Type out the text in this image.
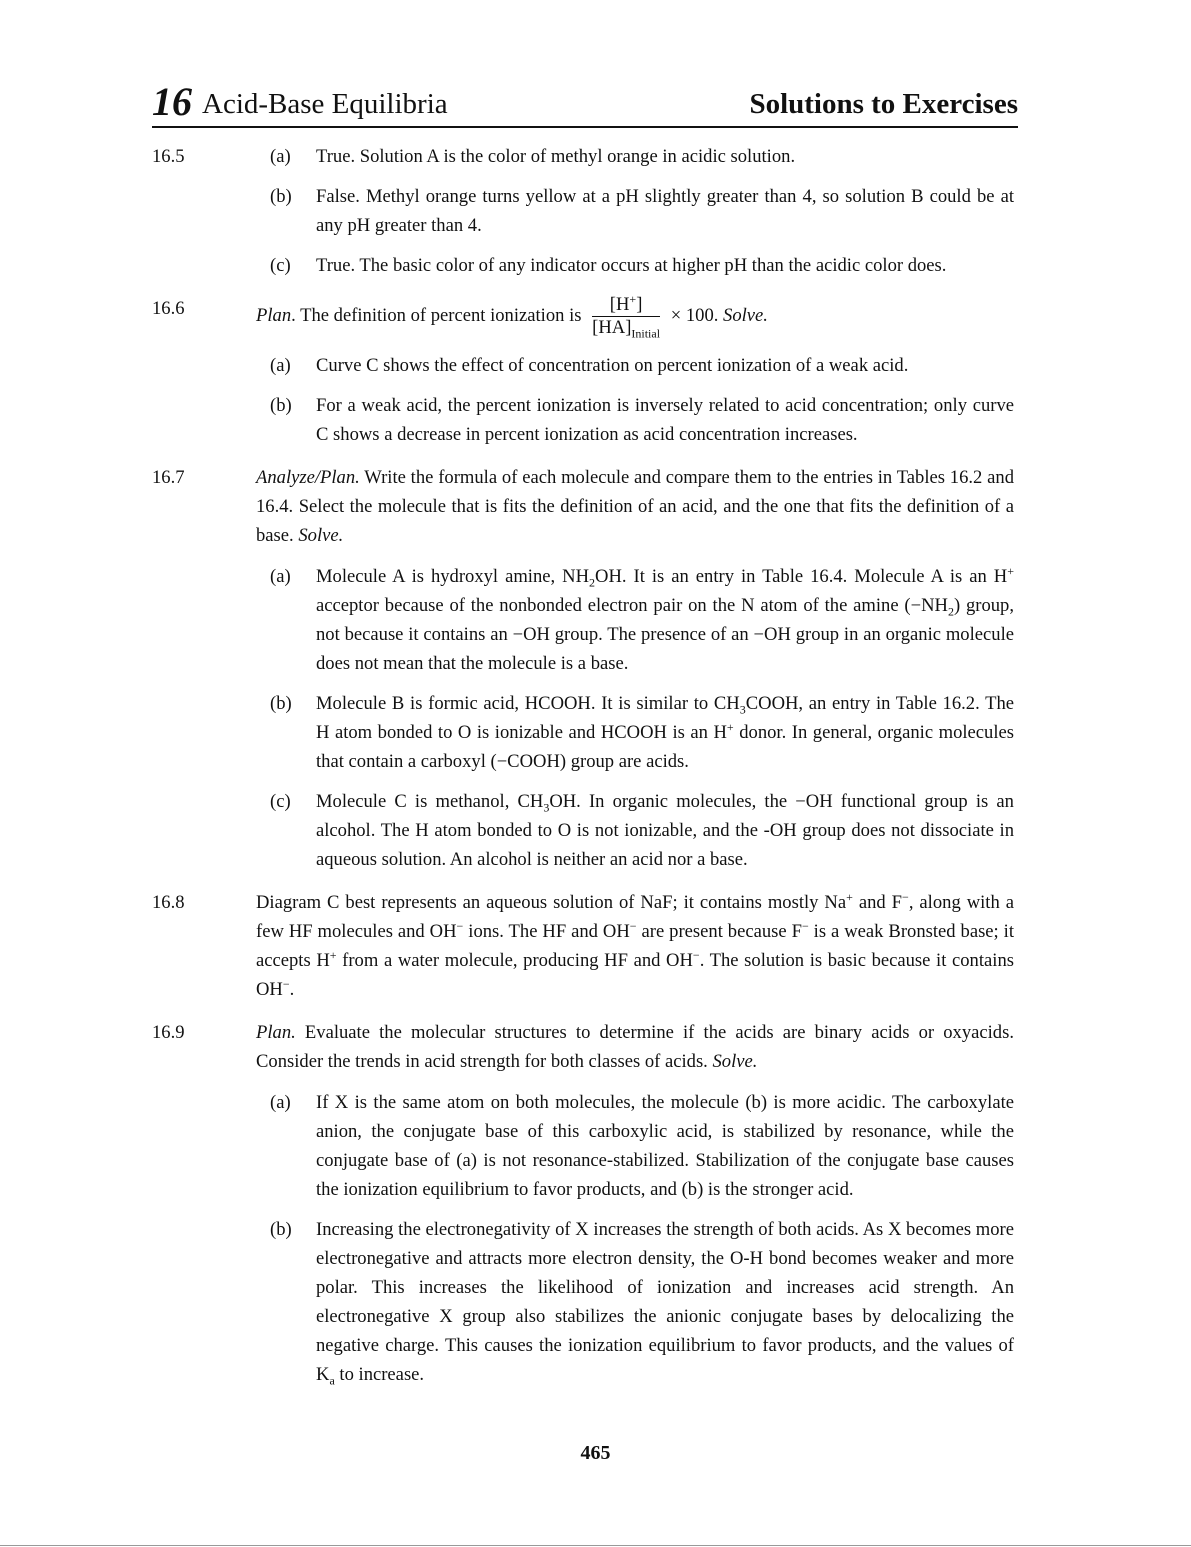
16 Acid-Base Equilibria	Solutions to Exercises
16.5	(a) True. Solution A is the color of methyl orange in acidic solution.
(b) False. Methyl orange turns yellow at a pH slightly greater than 4, so solution B could be at any pH greater than 4.
(c) True. The basic color of any indicator occurs at higher pH than the acidic color does.
16.6	Plan. The definition of percent ionization is $\frac{[H^+]}{[HA]_{Initial}} \times 100$. Solve.
(a) Curve C shows the effect of concentration on percent ionization of a weak acid.
(b) For a weak acid, the percent ionization is inversely related to acid concentration; only curve C shows a decrease in percent ionization as acid concentration increases.
16.7	Analyze/Plan. Write the formula of each molecule and compare them to the entries in Tables 16.2 and 16.4. Select the molecule that is fits the definition of an acid, and the one that fits the definition of a base. Solve.
(a) Molecule A is hydroxyl amine, $NH_2OH$. It is an entry in Table 16.4. Molecule A is an H+ acceptor because of the nonbonded electron pair on the N atom of the amine $(-NH_2)$ group, not because it contains an −OH group. The presence of an −OH group in an organic molecule does not mean that the molecule is a base.
(b) Molecule B is formic acid, HCOOH. It is similar to $CH_3COOH$, an entry in Table 16.2. The H atom bonded to O is ionizable and HCOOH is an H+ donor. In general, organic molecules that contain a carboxyl (−COOH) group are acids.
(c) Molecule C is methanol, $CH_3OH$. In organic molecules, the −OH functional group is an alcohol. The H atom bonded to O is not ionizable, and the -OH group does not dissociate in aqueous solution. An alcohol is neither an acid nor a base.
16.8	Diagram C best represents an aqueous solution of NaF; it contains mostly Na+ and F−, along with a few HF molecules and OH− ions. The HF and OH− are present because F− is a weak Bronsted base; it accepts H+ from a water molecule, producing HF and OH−. The solution is basic because it contains OH−.
16.9	Plan. Evaluate the molecular structures to determine if the acids are binary acids or oxyacids. Consider the trends in acid strength for both classes of acids. Solve.
(a) If X is the same atom on both molecules, the molecule (b) is more acidic. The carboxylate anion, the conjugate base of this carboxylic acid, is stabilized by resonance, while the conjugate base of (a) is not resonance-stabilized. Stabilization of the conjugate base causes the ionization equilibrium to favor products, and (b) is the stronger acid.
(b) Increasing the electronegativity of X increases the strength of both acids. As X becomes more electronegative and attracts more electron density, the O-H bond becomes weaker and more polar. This increases the likelihood of ionization and increases acid strength. An electronegative X group also stabilizes the anionic conjugate bases by delocalizing the negative charge. This causes the ionization equilibrium to favor products, and the values of $K_a$ to increase.
465
